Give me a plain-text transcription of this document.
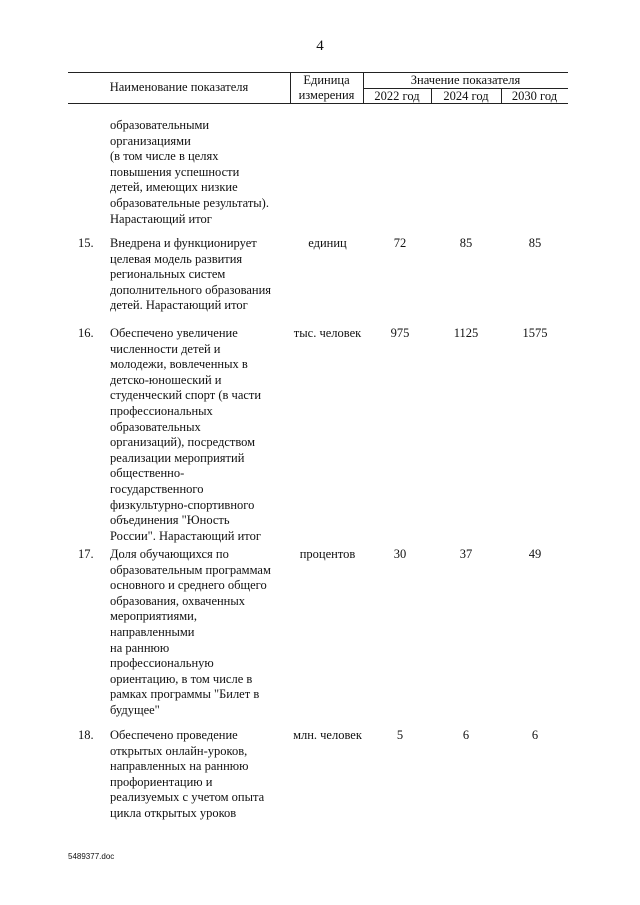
4
Наименование показателя	Единица
измерения
Значение показателя
2022 год	2024 год	2030 год
образовательными
организациями
(в том числе в целях
повышения успешности
детей, имеющих низкие
образовательные результаты).
Нарастающий итог
15. Внедрена и функционирует
целевая модель развития
региональных систем
дополнительного образования
детей. Нарастающий итог
единиц	72	85	85
16. Обеспечено увеличение
численности детей и
молодежи, вовлеченных в
детско-юношеский и
студенческий спорт (в части
профессиональных
образовательных
организаций), посредством
реализации мероприятий
общественно-
государственного
физкультурно-спортивного
объединения "Юность
России". Нарастающий итог
тыс. человек	975	1125	1575
17. Доля обучающихся по
образовательным программам
основного и среднего общего
образования, охваченных
мероприятиями,
направленными
на раннюю
профессиональную
ориентацию, в том числе в
рамках программы "Билет в
будущее"
процентов	30	37	49
18. Обеспечено проведение
открытых онлайн-уроков,
направленных на раннюю
профориентацию и
реализуемых с учетом опыта
цикла открытых уроков
млн. человек	5	6	6
5489377.doc
